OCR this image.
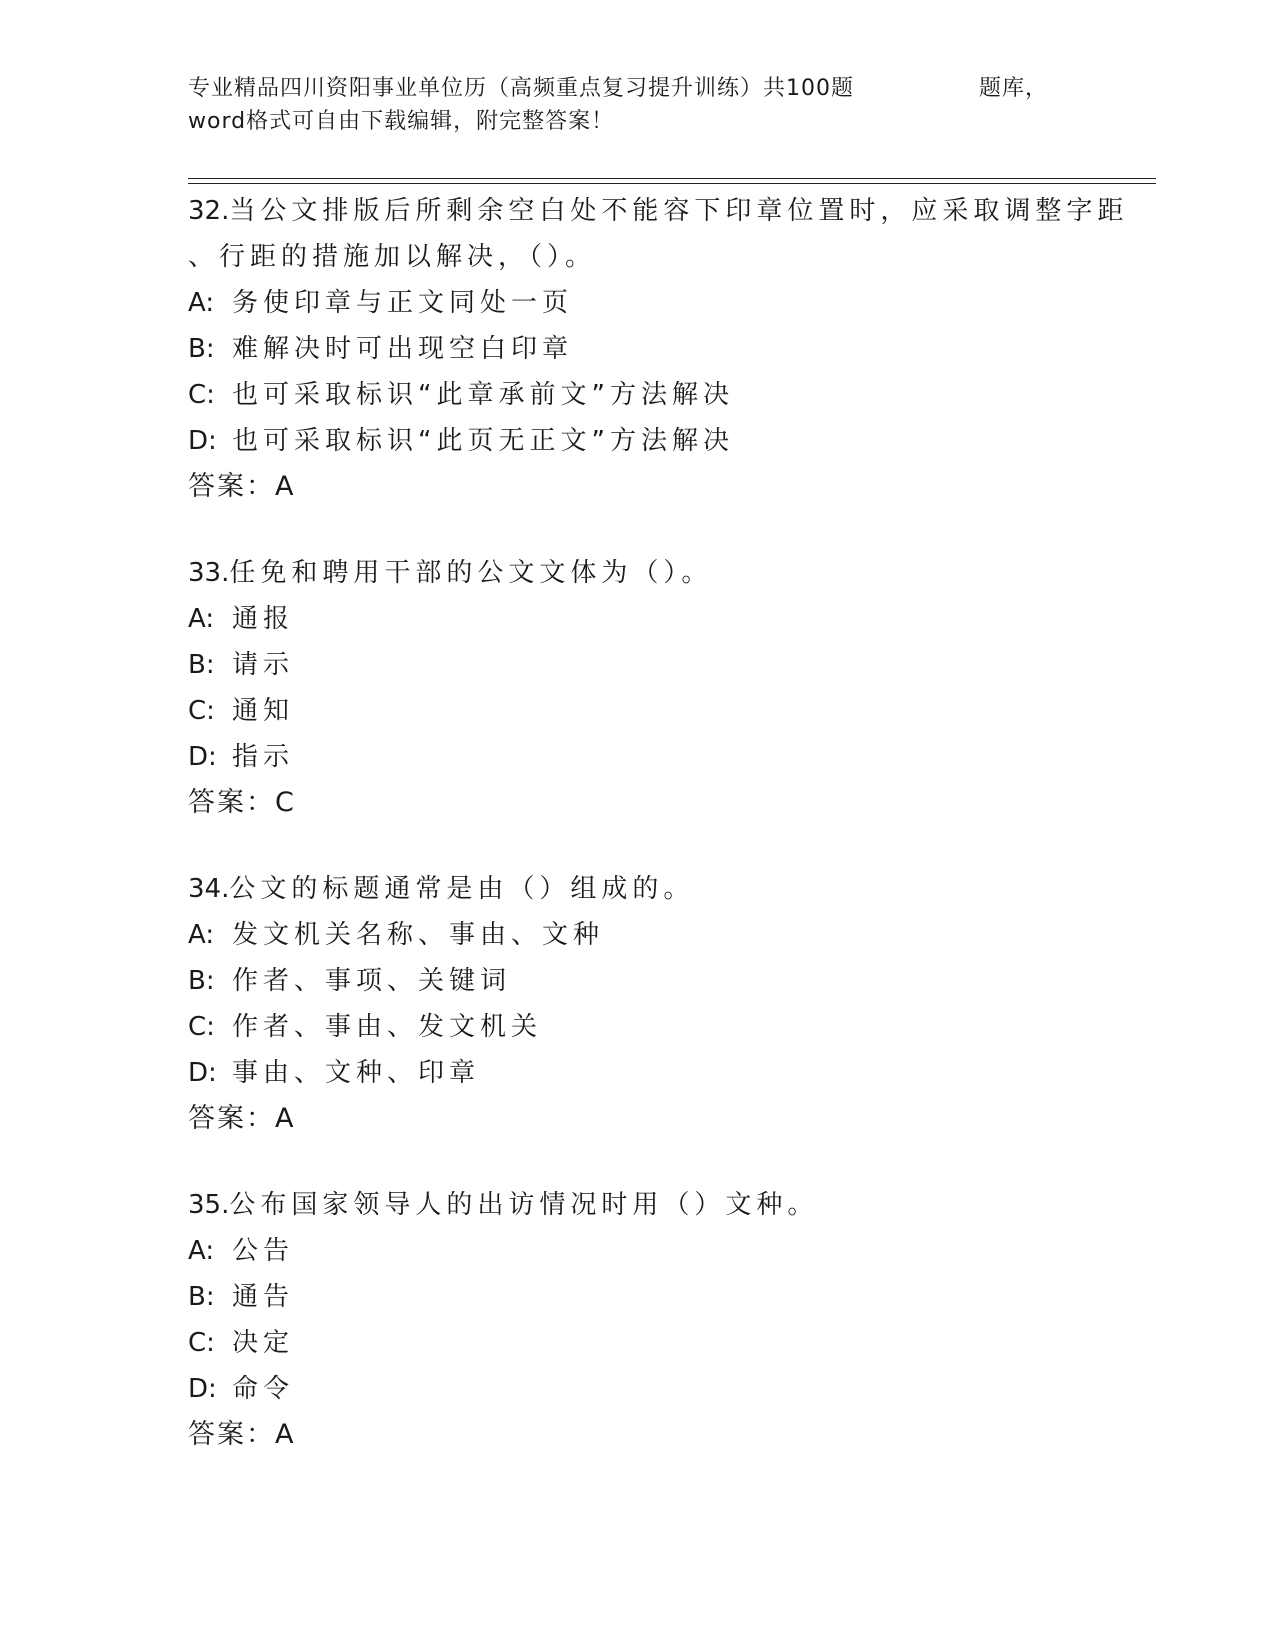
专业精品四川资阳事业单位历（高频重点复习提升训练）共100题	题库，
word格式可自由下载编辑，附完整答案！
32.当公文排版后所剩余空白处不能容下印章位置时，应采取调整字距
、行距的措施加以解决，（）。
A: 务使印章与正文同处一页
B: 难解决时可出现空白印章
C: 也可采取标识“此章承前文”方法解决
D: 也可采取标识“此页无正文”方法解决
答案：A
33.任免和聘用干部的公文文体为（）。
A: 通报
B: 请示
C: 通知
D: 指示
答案：C
34.公文的标题通常是由（）组成的。
A: 发文机关名称、事由、文种
B: 作者、事项、关键词
C: 作者、事由、发文机关
D: 事由、文种、印章
答案：A
35.公布国家领导人的出访情况时用（）文种。
A: 公告
B: 通告
C: 决定
D: 命令
答案：A
